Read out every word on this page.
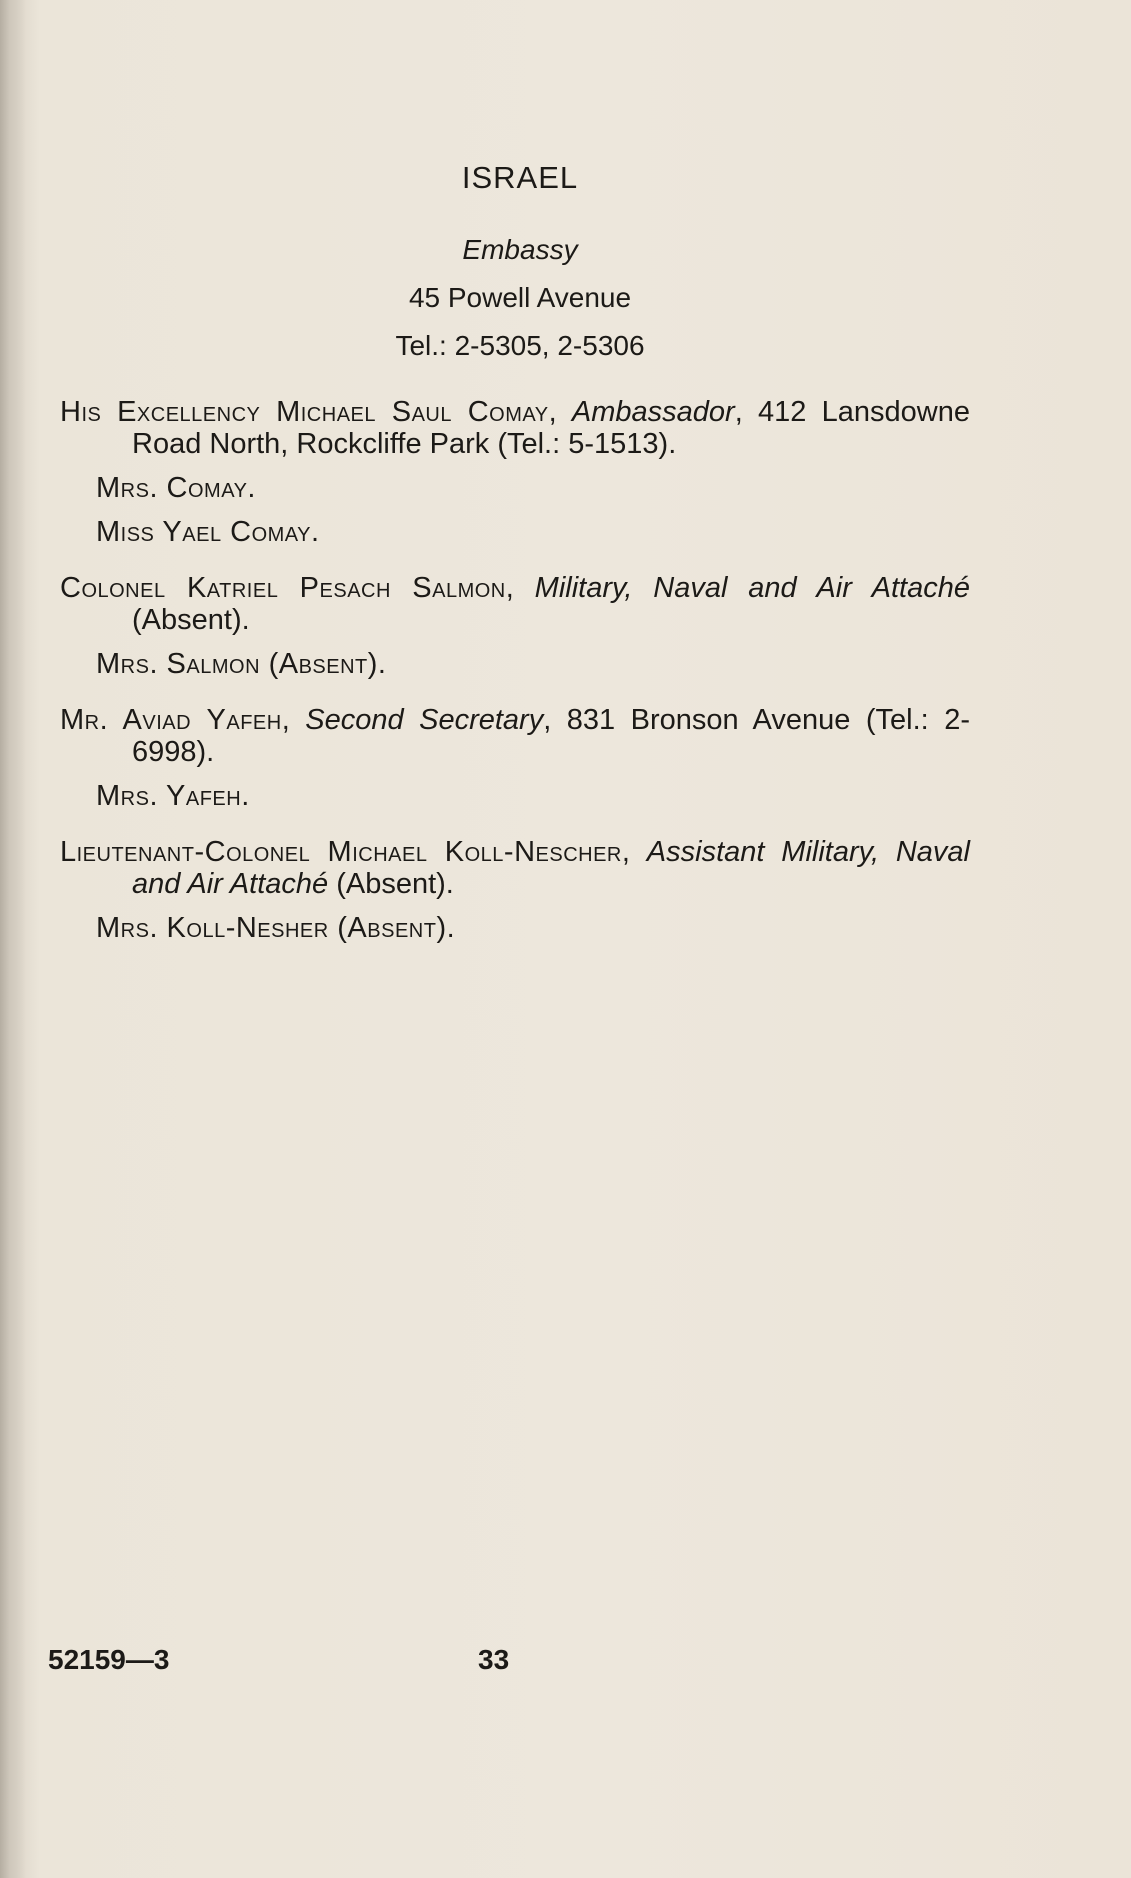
ISRAEL
Embassy
45 Powell Avenue
Tel.: 2-5305, 2-5306
His Excellency Michael Saul Comay, Ambassador, 412 Lansdowne Road North, Rockcliffe Park (Tel.: 5-1513).
Mrs. Comay.
Miss Yael Comay.
Colonel Katriel Pesach Salmon, Military, Naval and Air Attaché (Absent).
Mrs. Salmon (Absent).
Mr. Aviad Yafeh, Second Secretary, 831 Bronson Avenue (Tel.: 2-6998).
Mrs. Yafeh.
Lieutenant-Colonel Michael Koll-Nescher, Assistant Military, Naval and Air Attaché (Absent).
Mrs. Koll-Nesher (Absent).
52159—3	33
